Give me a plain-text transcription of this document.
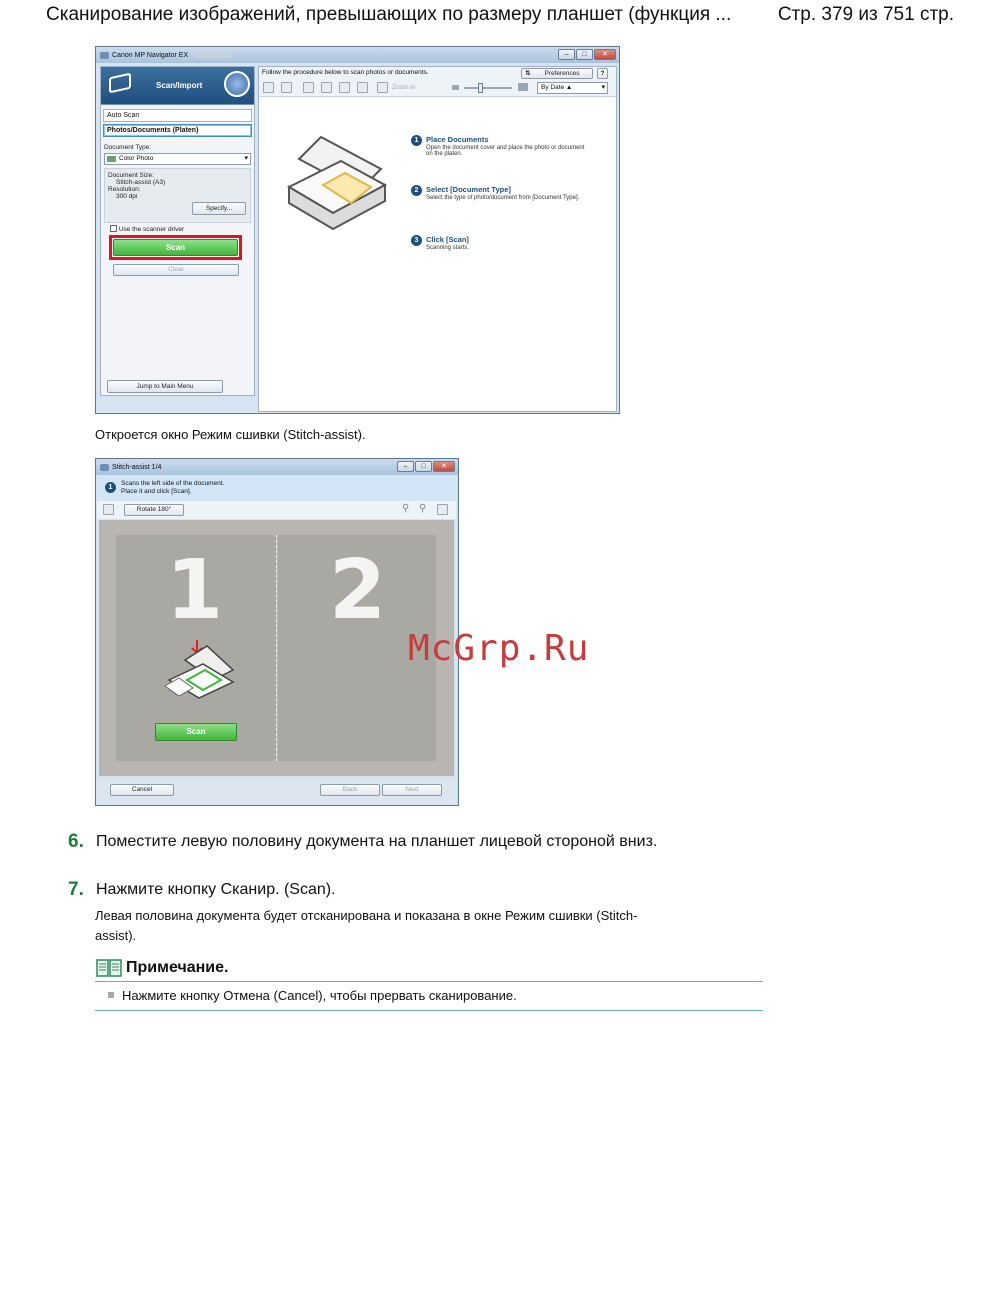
Сканирование изображений, превышающих по размеру планшет (функция ... Стр. 379 из 751 стр.
Canon MP Navigator EX	–	□	✕
Scan/Import
Auto Scan
Photos/Documents (Platen)
Document Type:
Color Photo ▾
Document Size:
Stitch-assist (A3)
Resolution:
300 dpi
Specify...
Use the scanner driver
Scan
Clear
Jump to Main Menu
Follow the procedure below to scan photos or documents.	⇅ Preferences	?
Zoom in	By Date ▲ ▾
1	Place Documents
Open the document cover and place the photo or document on the platen.
2	Select [Document Type]
Select the type of photo/document from [Document Type].
3	Click [Scan]
Scanning starts.
Откроется окно Режим сшивки (Stitch-assist).
Stitch-assist 1/4	–	□	✕
1
Scans the left side of the document.
Place it and click [Scan].
Rotate 180°	⚲ ⚲
1 2
Scan
Cancel	Back	Next
McGrp.Ru
6. Поместите левую половину документа на планшет лицевой стороной вниз.
7. Нажмите кнопку Сканир. (Scan).
Левая половина документа будет отсканирована и показана в окне Режим сшивки (Stitch-
assist).
Примечание.
Нажмите кнопку Отмена (Cancel), чтобы прервать сканирование.
